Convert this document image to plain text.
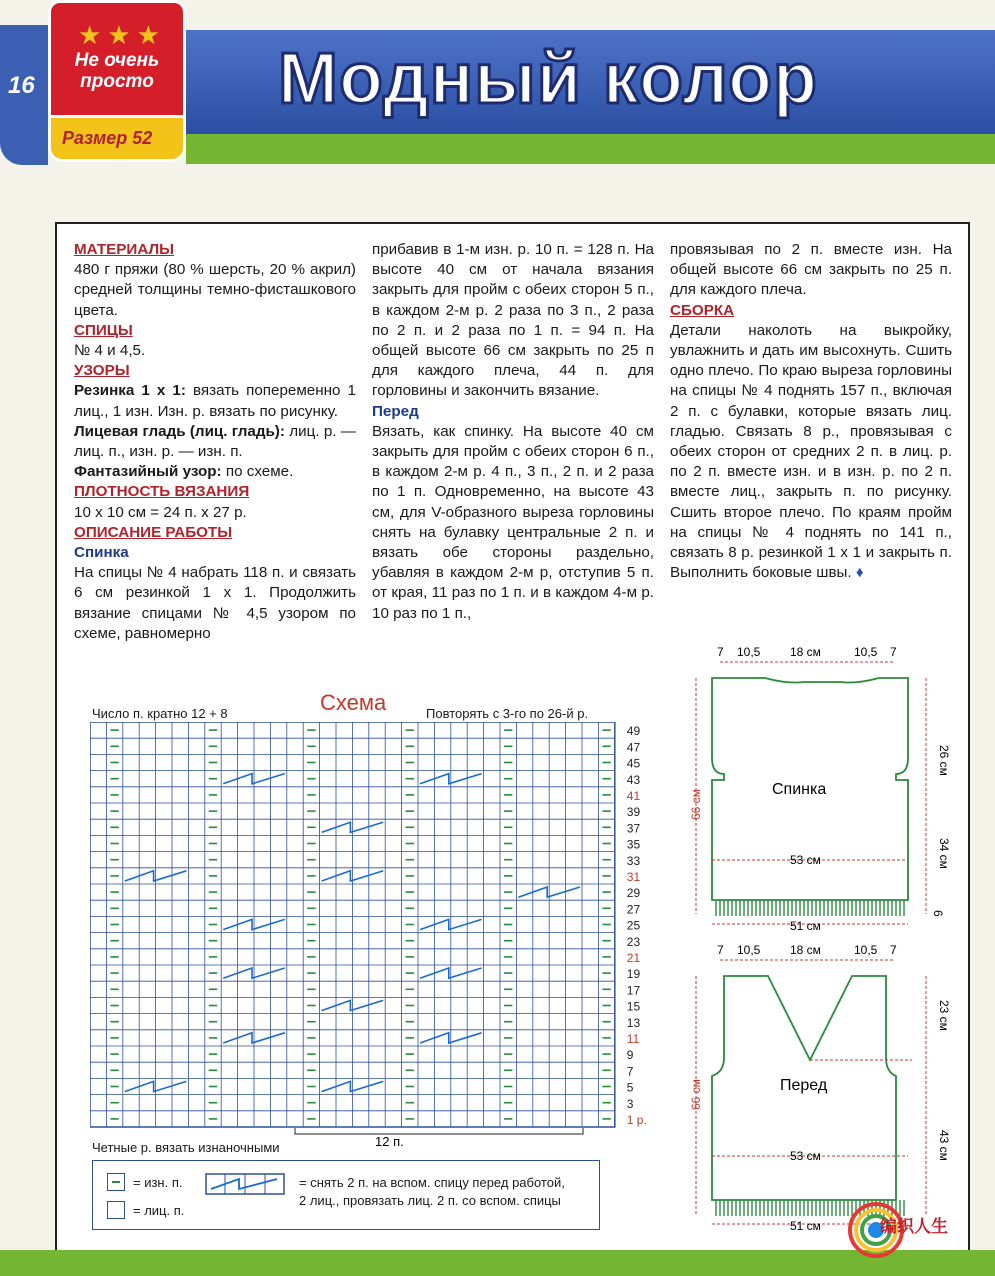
16
★★★
Не очень
просто
Размер 52
Модный колор

МАТЕРИАЛЫ

480 г пряжи (80 % шерсть, 20 % акрил) средней толщины темно-фисташкового цвета.

СПИЦЫ

№ 4 и 4,5.

УЗОРЫ

Резинка 1 х 1: вязать попеременно 1 лиц., 1 изн. Изн. р. вязать по рисунку.

Лицевая гладь (лиц. гладь): лиц. р. — лиц. п., изн. р. — изн. п.

Фантазийный узор: по схеме.

ПЛОТНОСТЬ ВЯЗАНИЯ

10 х 10 см = 24 п. х 27 р.

ОПИСАНИЕ РАБОТЫ

Спинка

На спицы № 4 набрать 118 п. и связать 6 см резинкой 1 х 1. Продолжить вязание спицами № 4,5 узором по схеме, равномерно

прибавив в 1-м изн. р. 10 п. = 128 п. На высоте 40 см от начала вязания закрыть для пройм с обеих сторон 5 п., в каждом 2-м р. 2 раза по 3 п., 2 раза по 2 п. и 2 раза по 1 п. = 94 п. На общей высоте 66 см закрыть по 25 п для каждого плеча, 44 п. для горловины и закончить вязание.

Перед

Вязать, как спинку. На высоте 40 см закрыть для пройм с обеих сторон 6 п., в каждом 2-м р. 4 п., 3 п., 2 п. и 2 раза по 1 п. Одновременно, на высоте 43 см, для V-образного выреза горловины снять на булавку центральные 2 п. и вязать обе стороны раздельно, убавляя в каждом 2-м р, отступив 5 п. от края, 11 раз по 1 п. и в каждом 4-м р. 10 раз по 1 п.,

провязывая по 2 п. вместе изн. На общей высоте 66 см закрыть по 25 п. для каждого плеча.

СБОРКА

Детали наколоть на выкройку, увлажнить и дать им высохнуть. Сшить одно плечо. По краю выреза горловины на спицы № 4 поднять 157 п., включая 2 п. с булавки, которые вязать лиц. гладью. Связать 8 р., провязывая с обеих сторон от средних 2 п. в лиц. р. по 2 п. вместе изн. и в изн. р. по 2 п. вместе лиц., закрыть п. по рисунку. Сшить второе плечо. По краям пройм на спицы № 4 поднять по 141 п., связать 8 р. резинкой 1 х 1 и закрыть п. Выполнить боковые швы. ♦

Схема
Число п. кратно 12 + 8	Повторять с 3-го по 26-й р.
49
47
45
43
41
39
37
35
33
31
29
27
25
23
21
19
17
15
13
11
9
7
5
3
1 р.
12 п.
Четные р. вязать изнаночными
= изн. п.
= лиц. п.
= снять 2 п. на вспом. спицу перед работой,
2 лиц., провязать лиц. 2 п. со вспом. спицы
7 10,5 18 см	10,5 7
Спинка
53 см
51 см
66 см
26 см
34 см
6
7 10,5 18 см	10,5 7
Перед
53 см
51 см
66 см
23 см
43 см
编织人生
